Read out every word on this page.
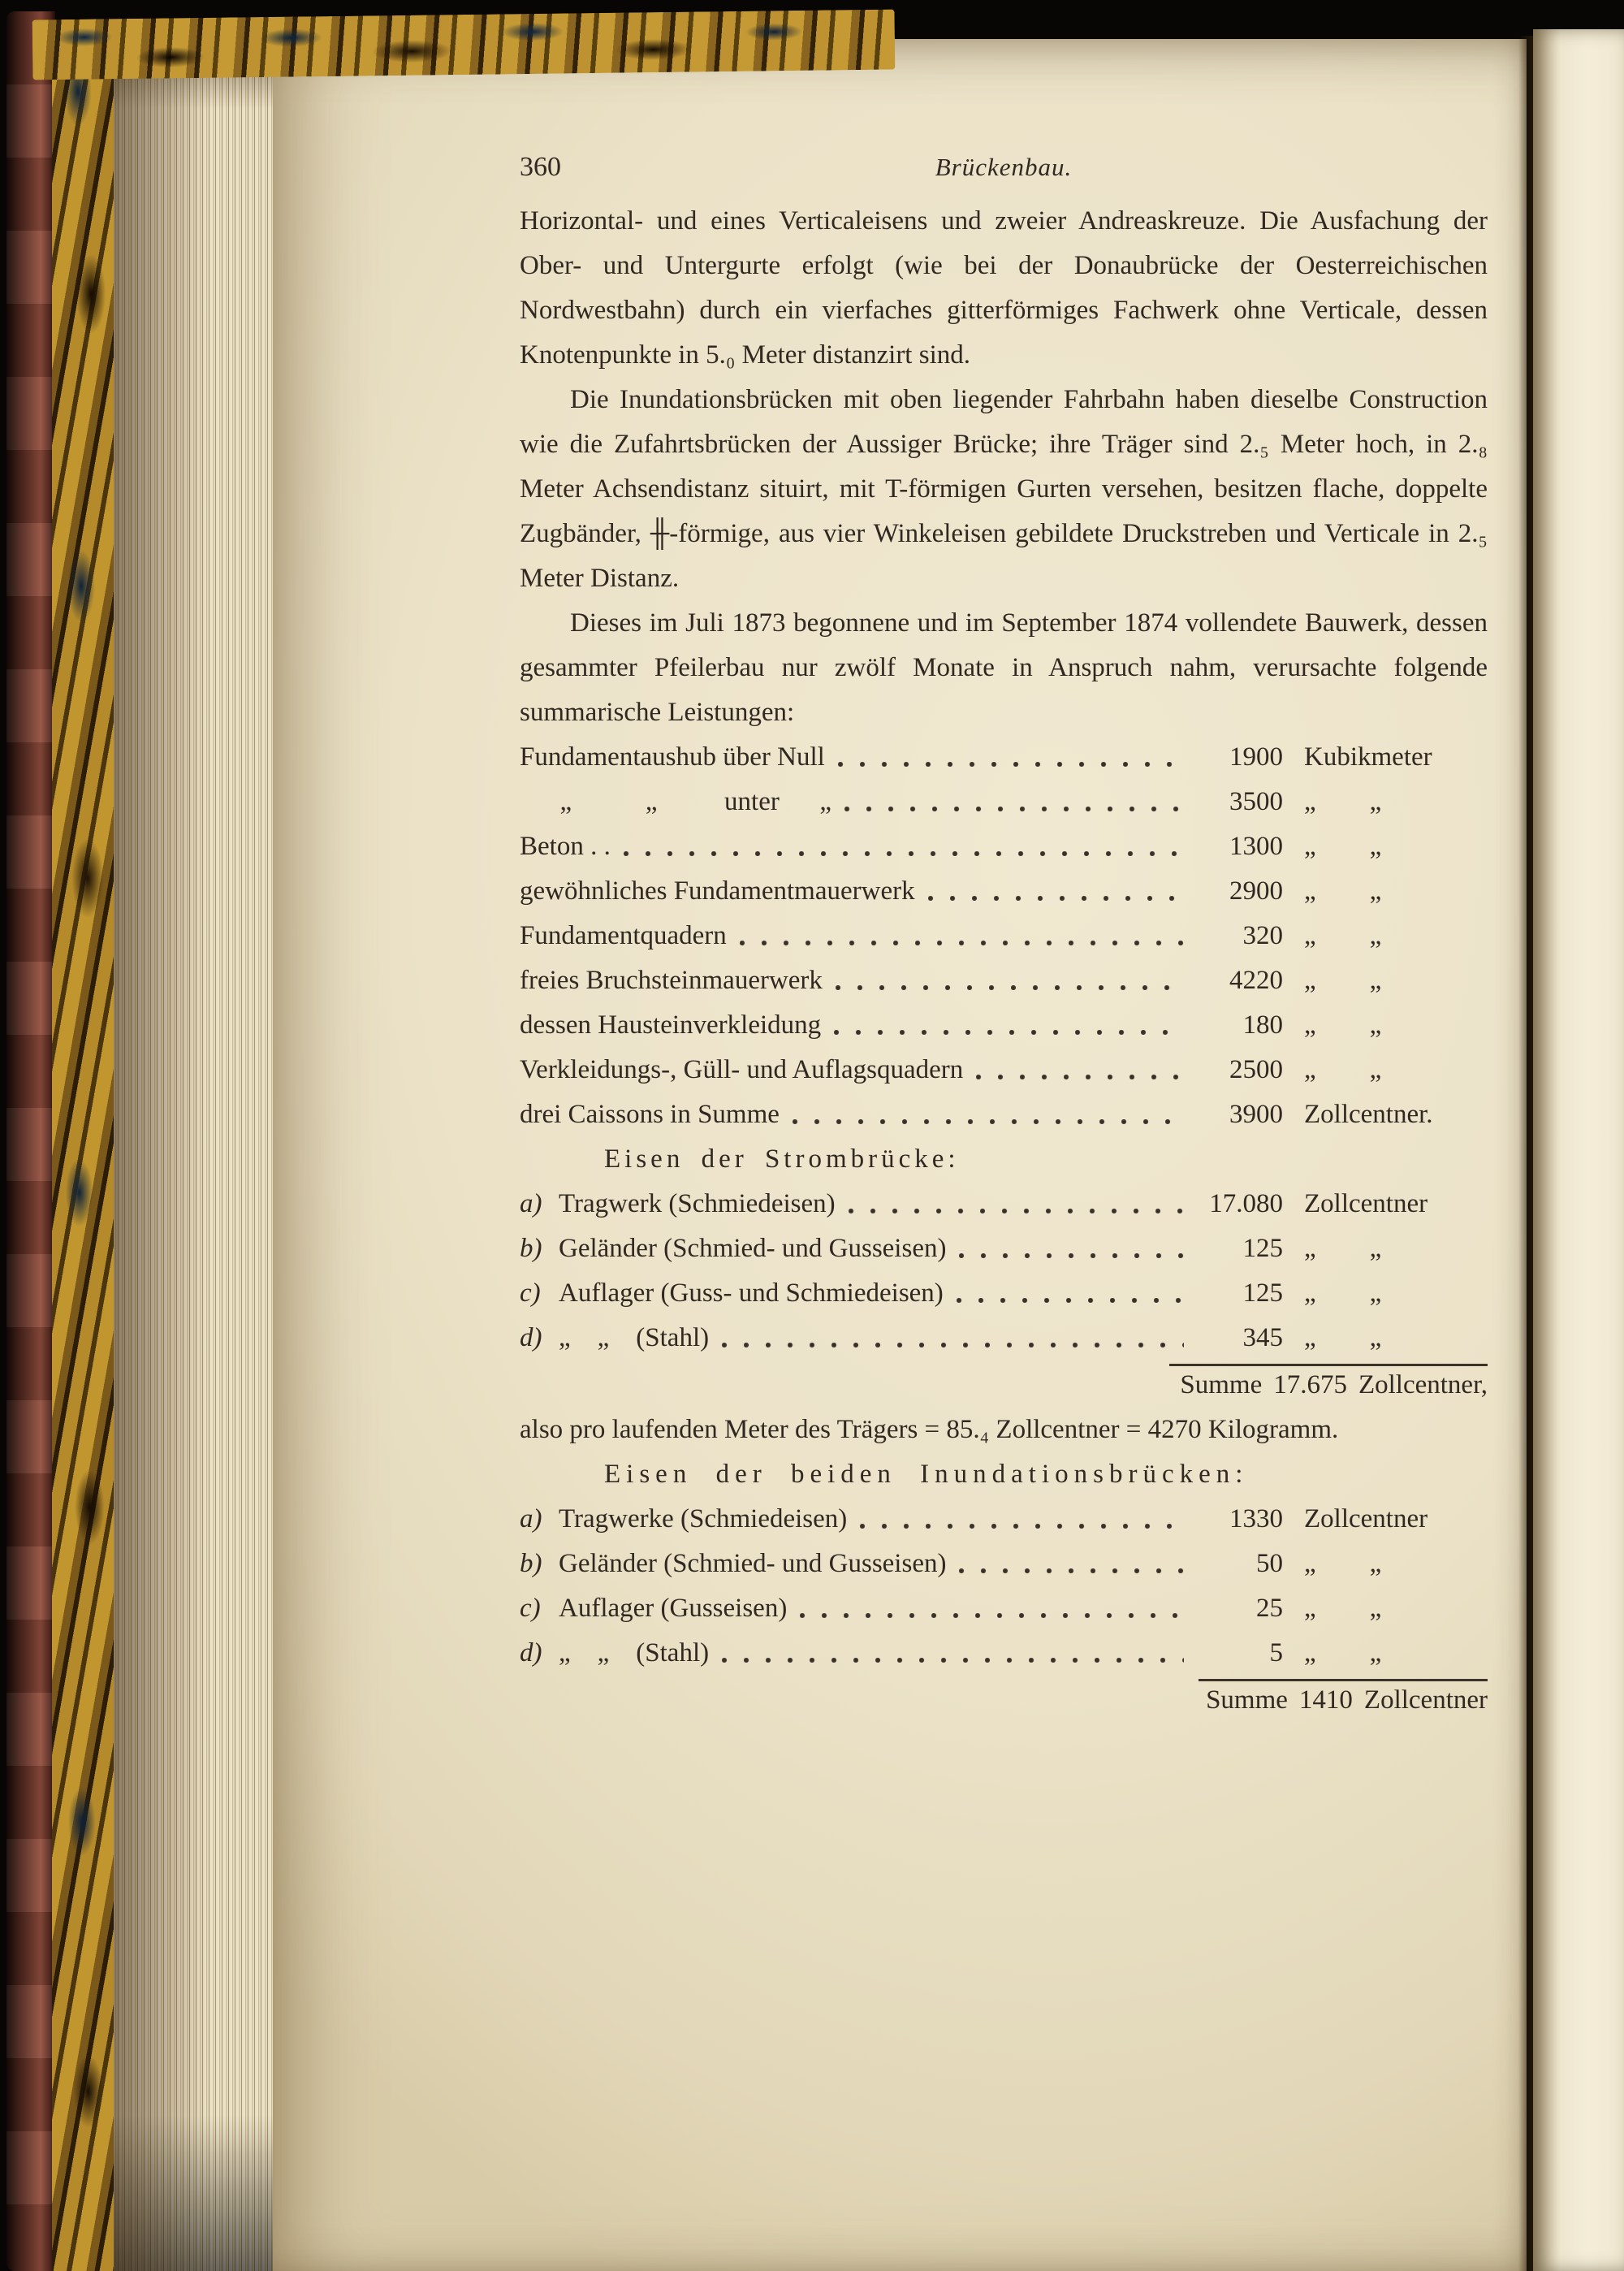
360	Brückenbau.

Horizontal- und eines Verticaleisens und zweier Andreaskreuze. Die Ausfachung der Ober- und Untergurte erfolgt (wie bei der Donaubrücke der Oesterreichischen Nordwestbahn) durch ein vierfaches gitterförmiges Fachwerk ohne Verticale, dessen Knotenpunkte in 5.₀ Meter distanzirt sind.

Die Inundationsbrücken mit oben liegender Fahrbahn haben dieselbe Construction wie die Zufahrtsbrücken der Aussiger Brücke; ihre Träger sind 2.₅ Meter hoch, in 2.₈ Meter Achsendistanz situirt, mit T-förmigen Gurten versehen, besitzen flache, doppelte Zugbänder, ╫-förmige, aus vier Winkeleisen gebildete Druckstreben und Verticale in 2.₅ Meter Distanz.

Dieses im Juli 1873 begonnene und im September 1874 vollendete Bauwerk, dessen gesammter Pfeilerbau nur zwölf Monate in Anspruch nahm, verursachte folgende summarische Leistungen:

Fundamentaushub über Null	1900 Kubikmeter
„           „          unter      „	3500 „        „
Beton . .	1300 „        „
gewöhnliches Fundamentmauerwerk	2900 „        „
Fundamentquadern	320 „        „
freies Bruchsteinmauerwerk	4220 „        „
dessen Hausteinverkleidung	180 „        „
Verkleidungs-, Güll- und Auflagsquadern	2500 „        „
drei Caissons in Summe	3900 Zollcentner.
Eisen der Strombrücke:
a) Tragwerk (Schmiedeisen)	17.080 Zollcentner
b) Geländer (Schmied- und Gusseisen)	125 „        „
c) Auflager (Guss- und Schmiedeisen)	125 „        „
d) „    „    (Stahl)	345 „        „
Summe 17.675 Zollcentner,

also pro laufenden Meter des Trägers = 85.₄ Zollcentner = 4270 Kilogramm.

Eisen der beiden Inundationsbrücken:
a) Tragwerke (Schmiedeisen)	1330 Zollcentner
b) Geländer (Schmied- und Gusseisen)	50 „        „
c) Auflager (Gusseisen)	25 „        „
d) „    „    (Stahl)	5 „        „
Summe 1410 Zollcentner
